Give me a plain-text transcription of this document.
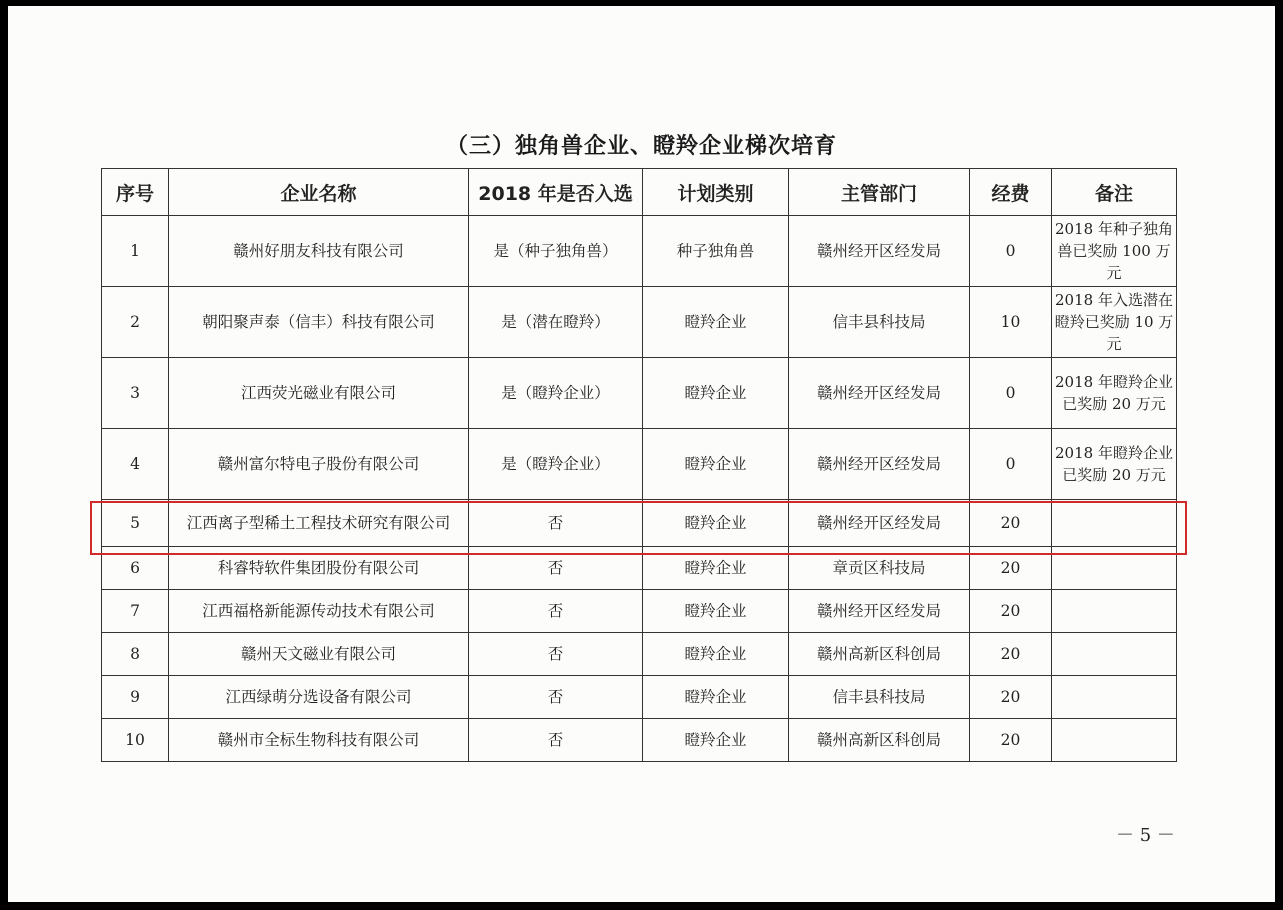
（三）独角兽企业、瞪羚企业梯次培育
序号	企业名称	2018 年是否入选	计划类别	主管部门	经费	备注
1	赣州好朋友科技有限公司	是（种子独角兽）	种子独角兽	赣州经开区经发局	0	2018 年种子独角兽已奖励 100 万元
2	朝阳聚声泰（信丰）科技有限公司	是（潜在瞪羚）	瞪羚企业	信丰县科技局	10	2018 年入选潜在瞪羚已奖励 10 万元
3	江西荧光磁业有限公司	是（瞪羚企业）	瞪羚企业	赣州经开区经发局	0	2018 年瞪羚企业已奖励 20 万元
4	赣州富尔特电子股份有限公司	是（瞪羚企业）	瞪羚企业	赣州经开区经发局	0	2018 年瞪羚企业已奖励 20 万元
5	江西离子型稀土工程技术研究有限公司	否	瞪羚企业	赣州经开区经发局	20	
6	科睿特软件集团股份有限公司	否	瞪羚企业	章贡区科技局	20	
7	江西福格新能源传动技术有限公司	否	瞪羚企业	赣州经开区经发局	20	
8	赣州天文磁业有限公司	否	瞪羚企业	赣州高新区科创局	20	
9	江西绿萌分选设备有限公司	否	瞪羚企业	信丰县科技局	20	
10	赣州市全标生物科技有限公司	否	瞪羚企业	赣州高新区科创局	20	
－ 5 －
